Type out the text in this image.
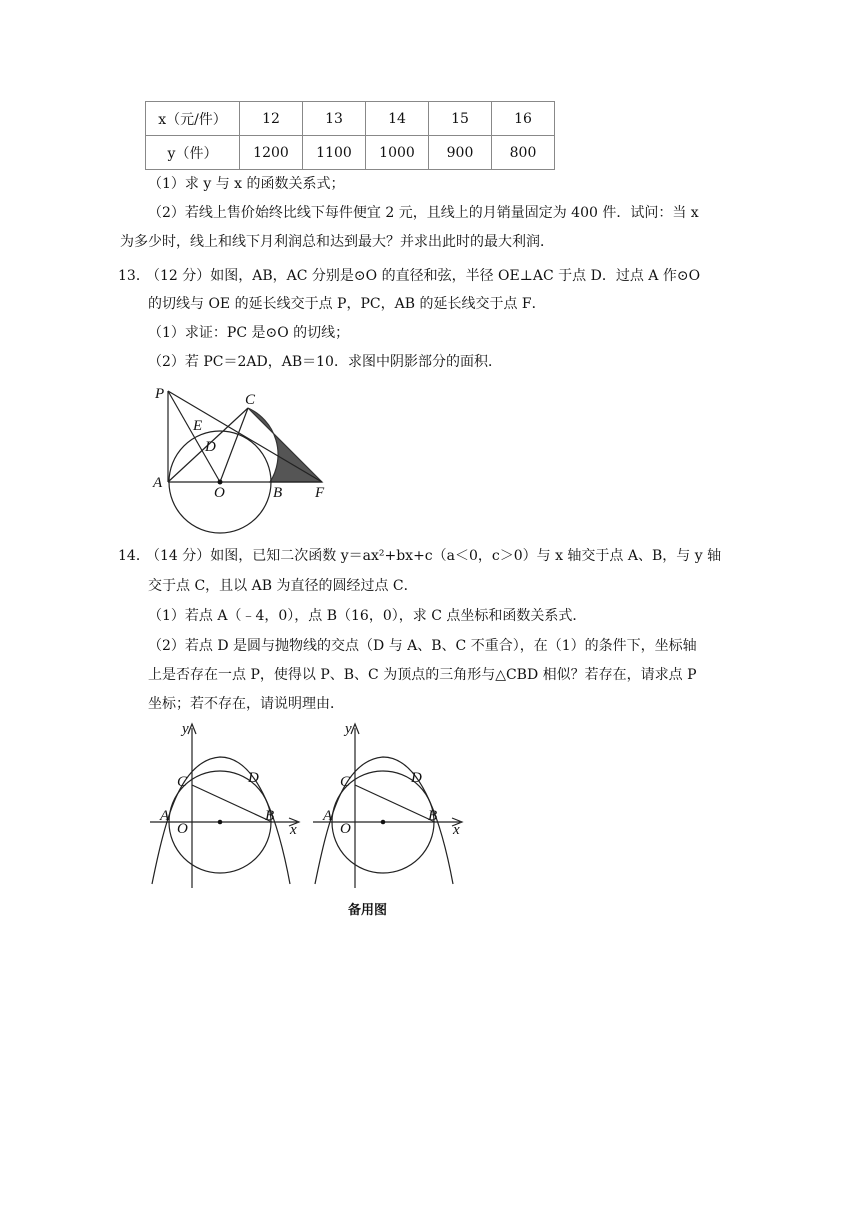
x（元/件）	12	13	14	15	16
y（件）	1200	1100	1000	900	800
（1）求 y 与 x 的函数关系式；
（2）若线上售价始终比线下每件便宜 2 元，且线上的月销量固定为 400 件．试问：当 x
为多少时，线上和线下月利润总和达到最大？并求出此时的最大利润．
13．
（12 分）如图，AB，AC 分别是⊙O 的直径和弦，半径 OE⊥AC 于点 D．过点 A 作⊙O
的切线与 OE 的延长线交于点 P，PC，AB 的延长线交于点 F．
（1）求证：PC 是⊙O 的切线；
（2）若 PC＝2AD，AB＝10．求图中阴影部分的面积．
P
E
C
D
A
O	B F
14．
（14 分）如图，已知二次函数 y＝ax²+bx+c（a＜0，c＞0）与 x 轴交于点 A、B，与 y 轴
交于点 C，且以 AB 为直径的圆经过点 C．
（1）若点 A（﹣4，0），点 B（16，0），求 C 点坐标和函数关系式．
（2）若点 D 是圆与抛物线的交点（D 与 A、B、C 不重合），在（1）的条件下，坐标轴
上是否存在一点 P，使得以 P、B、C 为顶点的三角形与△CBD 相似？若存在，请求点 P
坐标；若不存在，请说明理由．
y
x
C	D
A
O
B
y
x
C	D
A
O
B
备用图
